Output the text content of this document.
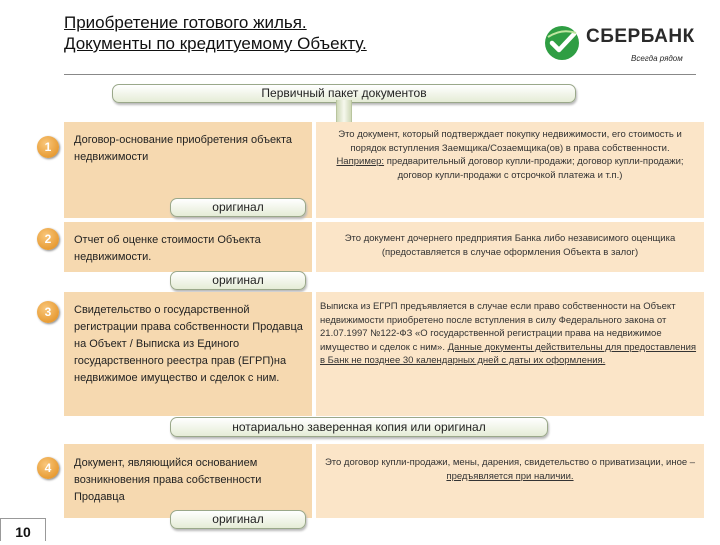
Приобретение готового жилья.
Документы по кредитуемому Объекту.	СБЕРБАНК
Всегда рядом
Первичный пакет документов
1	Договор-основание приобретения объекта недвижимости
Это документ, который подтверждает покупку недвижимости, его стоимость и порядок вступления Заемщика/Созаемщика(ов) в права собственности.
Например: предварительный договор купли-продажи; договор купли-продажи; договор купли-продажи с отсрочкой платежа и т.п.)
оригинал
2	Отчет об оценке стоимости Объекта недвижимости.
Это документ дочернего предприятия Банка либо независимого оценщика (предоставляется в случае оформления Объекта в залог)
оригинал
3	Свидетельство о государственной регистрации права собственности Продавца на Объект / Выписка из Единого государственного реестра прав (ЕГРП)на недвижимое имущество и сделок с ним.
Выписка из ЕГРП предъявляется в случае если право собственности на Объект недвижимости приобретено после вступления в силу Федерального закона от 21.07.1997 №122-ФЗ «О государственной регистрации права на недвижимое имущество и сделок с ним». Данные документы действительны для предоставления в Банк не позднее 30 календарных дней с даты их оформления.
нотариально заверенная копия или оригинал
4	Документ, являющийся основанием возникновения права собственности Продавца
Это договор купли-продажи, мены, дарения, свидетельство о приватизации, иное – предъявляется при наличии.
оригинал
10
